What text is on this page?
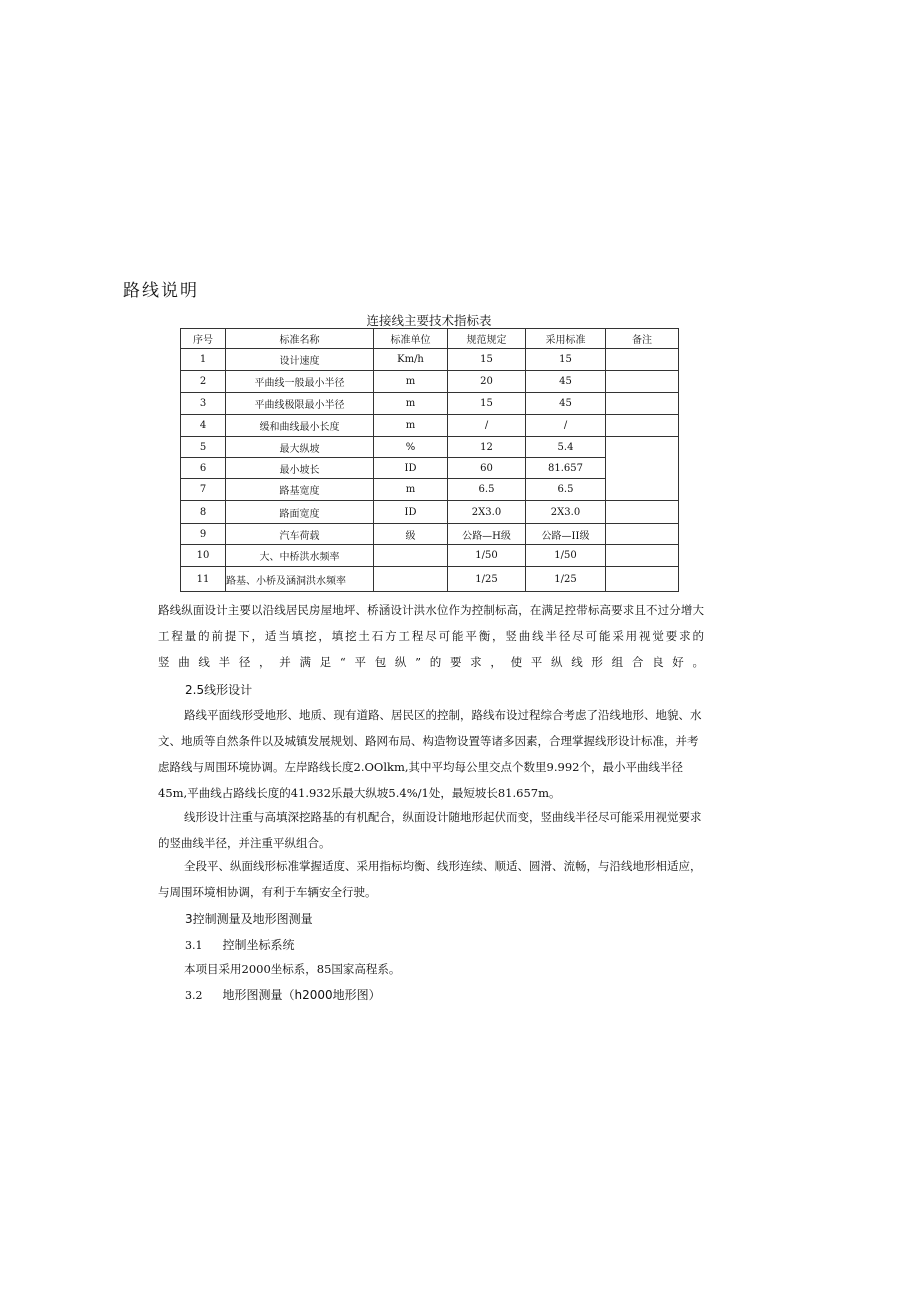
路线说明
连接线主要技术指标表
序号	标准名称	标准单位	规范规定	采用标准	备注
1	设计速度	Km/h	15	15	
2	平曲线一般最小半径	m	20	45	
3	平曲线极限最小半径	m	15	45	
4	缓和曲线最小长度	m	/	/	
5	最大纵坡	%	12	5.4	
6	最小坡长	ID	60	81.657	
7	路基宽度	m	6.5	6.5	
8	路面宽度	ID	2X3.0	2X3.0	
9	汽车荷载	级	公路—H级	公路—II级	
10	大、中桥洪水频率		1/50	1/50	
11	路基、小桥及涵洞洪水频率		1/25	1/25	

路线纵面设计主要以沿线居民房屋地坪、桥涵设计洪水位作为控制标高，在满足控带标高要求且不过分增大工程量的前提下，适当填挖，填挖土石方工程尽可能平衡，竖曲线半径尽可能采用视觉要求的

竖曲线半径，并满足“平包纵”的要求，使平纵线形组合良好。

2.5线形设计

路线平面线形受地形、地质、现有道路、居民区的控制，路线布设过程综合考虑了沿线地形、地貌、水文、地质等自然条件以及城镇发展规划、路网布局、构造物设置等诸多因素，合理掌握线形设计标准，并考虑路线与周围环境协调。左岸路线长度2.OOlkm,其中平均每公里交点个数里9.992个，最小平曲线半径45m,平曲线占路线长度的41.932乐最大纵坡5.4%/1处，最短坡长81.657m。

线形设计注重与高填深挖路基的有机配合，纵面设计随地形起伏而变，竖曲线半径尽可能采用视觉要求的竖曲线半径，并注重平纵组合。

全段平、纵面线形标准掌握适度、采用指标均衡、线形连续、顺适、圆滑、流畅，与沿线地形相适应，与周围环境相协调，有利于车辆安全行驶。

3控制测量及地形图测量
3.1 控制坐标系统

本项目采用2000坐标系，85国家高程系。

3.2 地形图测量（h2000地形图）
